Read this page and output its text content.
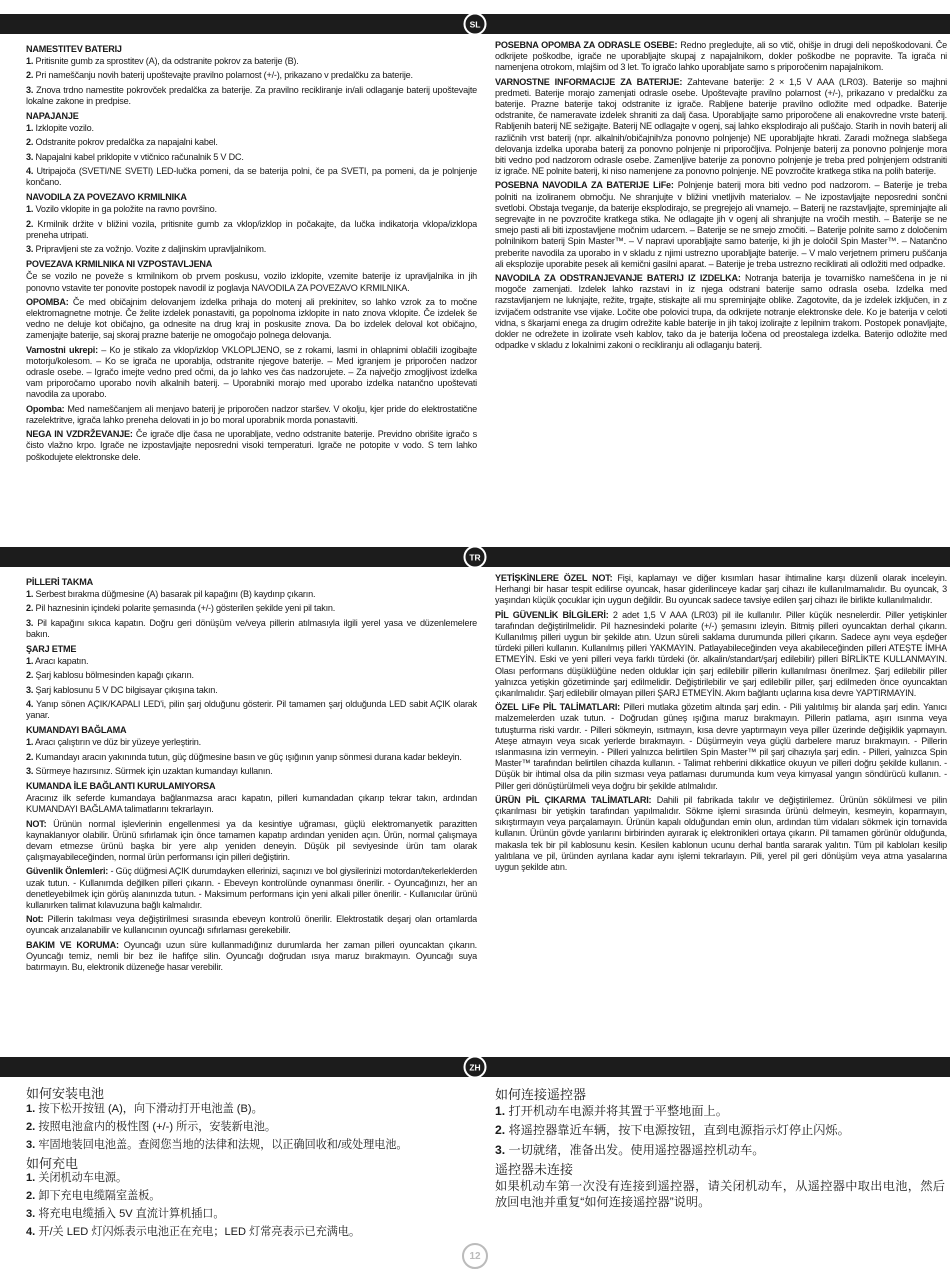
SL
NAMESTITEV BATERIJ

1. Pritisnite gumb za sprostitev (A), da odstranite pokrov za baterije (B).

2. Pri nameščanju novih baterij upoštevajte pravilno polarnost (+/-), prikazano v predalčku za baterije.

3. Znova trdno namestite pokrovček predalčka za baterije. Za pravilno recikliranje in/ali odlaganje baterij upoštevajte lokalne zakone in predpise.

NAPAJANJE

1. Izklopite vozilo.

2. Odstranite pokrov predalčka za napajalni kabel.

3. Napajalni kabel priklopite v vtičnico računalnik 5 V DC.

4. Utripajoča (SVETI/NE SVETI) LED-lučka pomeni, da se baterija polni, če pa SVETI, pa pomeni, da je polnjenje končano.

NAVODILA ZA POVEZAVO KRMILNIKA

1. Vozilo vklopite in ga položite na ravno površino.

2. Krmilnik držite v bližini vozila, pritisnite gumb za vklop/izklop in počakajte, da lučka indikatorja vklopa/izklopa preneha utripati.

3. Pripravljeni ste za vožnjo. Vozite z daljinskim upravljalnikom.

POVEZAVA KRMILNIKA NI VZPOSTAVLJENA

Če se vozilo ne poveže s krmilnikom ob prvem poskusu, vozilo izklopite, vzemite baterije iz upravljalnika in jih ponovno vstavite ter ponovite postopek navodil iz poglavja NAVODILA ZA POVEZAVO KRMILNIKA.

OPOMBA: Če med običajnim delovanjem izdelka prihaja do motenj ali prekinitev, so lahko vzrok za to močne elektromagnetne motnje. Če želite izdelek ponastaviti, ga popolnoma izklopite in nato znova vklopite. Če izdelek še vedno ne deluje kot običajno, ga odnesite na drug kraj in poskusite znova. Da bo izdelek deloval kot običajno, zamenjajte baterije, saj skoraj prazne baterije ne omogočajo polnega delovanja.

Varnostni ukrepi: – Ko je stikalo za vklop/izklop VKLOPLJENO, se z rokami, lasmi in ohlapnimi oblačili izogibajte motorju/kolesom. – Ko se igrača ne uporablja, odstranite njegove baterije. – Med igranjem je priporočen nadzor odrasle osebe. – Igračo imejte vedno pred očmi, da jo lahko ves čas nadzorujete. – Za največjo zmogljivost izdelka vam priporočamo uporabo novih alkalnih baterij. – Uporabniki morajo med uporabo izdelka natančno upoštevati navodila za uporabo.

Opomba: Med nameščanjem ali menjavo baterij je priporočen nadzor staršev. V okolju, kjer pride do elektrostatične razelektritve, igrača lahko preneha delovati in jo bo moral uporabnik morda ponastaviti.

NEGA IN VZDRŽEVANJE: Če igrače dlje časa ne uporabljate, vedno odstranite baterije. Previdno obrišite igračo s čisto vlažno krpo. Igrače ne izpostavljajte neposredni visoki temperaturi. Igrače ne potopite v vodo. S tem lahko poškodujete elektronske dele.

POSEBNA OPOMBA ZA ODRASLE OSEBE: Redno pregledujte, ali so vtič, ohišje in drugi deli nepoškodovani. Če odkrijete poškodbe, igrače ne uporabljajte skupaj z napajalnikom, dokler poškodbe ne popravite. Ta igrača ni namenjena otrokom, mlajšim od 3 let. To igračo lahko uporabljate samo s priporočenim napajalnikom.

VARNOSTNE INFORMACIJE ZA BATERIJE: Zahtevane baterije: 2 × 1,5 V AAA (LR03). Baterije so majhni predmeti. Baterije morajo zamenjati odrasle osebe. Upoštevajte pravilno polarnost (+/-), prikazano v predalčku za baterije. Prazne baterije takoj odstranite iz igrače. Rabljene baterije pravilno odložite med odpadke. Baterije odstranite, če nameravate izdelek shraniti za dalj časa. Uporabljajte samo priporočene ali enakovredne vrste baterij. Rabljenih baterij NE sežigajte. Baterij NE odlagajte v ogenj, saj lahko eksplodirajo ali puščajo. Starih in novih baterij ali različnih vrst baterij (npr. alkalnih/običajnih/za ponovno polnjenje) NE uporabljajte hkrati. Zaradi možnega slabšega delovanja izdelka uporaba baterij za ponovno polnjenje ni priporočljiva. Polnjenje baterij za ponovno polnjenje mora biti vedno pod nadzorom odrasle osebe. Zamenljive baterije za ponovno polnjenje je treba pred polnjenjem odstraniti iz igrače. NE polnite baterij, ki niso namenjene za ponovno polnjenje. NE povzročite kratkega stika na polih baterije.

POSEBNA NAVODILA ZA BATERIJE LiFe: Polnjenje baterij mora biti vedno pod nadzorom. – Baterije je treba polniti na izoliranem območju. Ne shranjujte v bližini vnetljivih materialov. – Ne izpostavljajte neposredni sončni svetlobi. Obstaja tveganje, da baterije eksplodirajo, se pregrejejo ali vnamejo. – Baterij ne razstavljajte, spreminjajte ali segrevajte in ne povzročite kratkega stika. Ne odlagajte jih v ogenj ali shranjujte na vročih mestih. – Baterije se ne smejo pasti ali biti izpostavljene močnim udarcem. – Baterije se ne smejo zmočiti. – Baterije polnite samo z določenim polnilnikom baterij Spin Master™. – V napravi uporabljajte samo baterije, ki jih je določil Spin Master™. – Natančno preberite navodila za uporabo in v skladu z njimi ustrezno uporabljajte baterije. – V malo verjetnem primeru puščanja ali eksplozije uporabite pesek ali kemični gasilni aparat. – Baterije je treba ustrezno reciklirati ali odložiti med odpadke.

NAVODILA ZA ODSTRANJEVANJE BATERIJ IZ IZDELKA: Notranja baterija je tovarniško nameščena in je ni mogoče zamenjati. Izdelek lahko razstavi in iz njega odstrani baterije samo odrasla oseba. Izdelka med razstavljanjem ne luknjajte, režite, trgajte, stiskajte ali mu spreminjajte oblike. Zagotovite, da je izdelek izključen, in z izvijačem odstranite vse vijake. Ločite obe polovici trupa, da odkrijete notranje elektronske dele. Ko je baterija v celoti vidna, s škarjami enega za drugim odrežite kable baterije in jih takoj izolirajte z lepilnim trakom. Postopek ponavljajte, dokler ne odrežete in izolirate vseh kablov, tako da je baterija ločena od preostalega izdelka. Baterijo odložite med odpadke v skladu z lokalnimi zakoni o recikliranju ali odlaganju baterij.

TR
PİLLERİ TAKMA

1. Serbest bırakma düğmesine (A) basarak pil kapağını (B) kaydırıp çıkarın.

2. Pil haznesinin içindeki polarite şemasında (+/-) gösterilen şekilde yeni pil takın.

3. Pil kapağını sıkıca kapatın. Doğru geri dönüşüm ve/veya pillerin atılmasıyla ilgili yerel yasa ve düzenlemelere bakın.

ŞARJ ETME

1. Aracı kapatın.

2. Şarj kablosu bölmesinden kapağı çıkarın.

3. Şarj kablosunu 5 V DC bilgisayar çıkışına takın.

4. Yanıp sönen AÇIK/KAPALI LED'i, pilin şarj olduğunu gösterir. Pil tamamen şarj olduğunda LED sabit AÇIK olarak yanar.

KUMANDAYI BAĞLAMA

1. Aracı çalıştırın ve düz bir yüzeye yerleştirin.

2. Kumandayı aracın yakınında tutun, güç düğmesine basın ve güç ışığının yanıp sönmesi durana kadar bekleyin.

3. Sürmeye hazırsınız. Sürmek için uzaktan kumandayı kullanın.

KUMANDA İLE BAĞLANTI KURULAMIYORSA

Aracınız ilk seferde kumandaya bağlanmazsa aracı kapatın, pilleri kumandadan çıkarıp tekrar takın, ardından KUMANDAYI BAĞLAMA talimatlarını tekrarlayın.

NOT: Ürünün normal işlevlerinin engellenmesi ya da kesintiye uğraması, güçlü elektromanyetik parazitten kaynaklanıyor olabilir. Ürünü sıfırlamak için önce tamamen kapatıp ardından yeniden açın. Ürün, normal çalışmaya devam etmezse ürünü başka bir yere alıp yeniden deneyin. Düşük pil seviyesinde ürün tam olarak çalışmayabileceğinden, normal ürün performansı için pilleri değiştirin.

Güvenlik Önlemleri: - Güç düğmesi AÇIK durumdayken ellerinizi, saçınızı ve bol giysilerinizi motordan/tekerleklerden uzak tutun. - Kullanımda değilken pilleri çıkarın. - Ebeveyn kontrolünde oynanması önerilir. - Oyuncağınızı, her an denetleyebilmek için görüş alanınızda tutun. - Maksimum performans için yeni alkali piller önerilir. - Kullanıcılar ürünü kullanırken talimat kılavuzuna bağlı kalmalıdır.

Not: Pillerin takılması veya değiştirilmesi sırasında ebeveyn kontrolü önerilir. Elektrostatik deşarj olan ortamlarda oyuncak arızalanabilir ve kullanıcının oyuncağı sıfırlaması gerekebilir.

BAKIM VE KORUMA: Oyuncağı uzun süre kullanmadığınız durumlarda her zaman pilleri oyuncaktan çıkarın. Oyuncağı temiz, nemli bir bez ile hafifçe silin. Oyuncağı doğrudan ısıya maruz bırakmayın. Oyuncağı suya batırmayın. Bu, elektronik düzeneğe hasar verebilir.

YETİŞKİNLERE ÖZEL NOT: Fişi, kaplamayı ve diğer kısımları hasar ihtimaline karşı düzenli olarak inceleyin. Herhangi bir hasar tespit edilirse oyuncak, hasar giderilinceye kadar şarj cihazı ile kullanılmamalıdır. Bu oyuncak, 3 yaşından küçük çocuklar için uygun değildir. Bu oyuncak sadece tavsiye edilen şarj cihazı ile birlikte kullanılmalıdır.

PİL GÜVENLİK BİLGİLERİ: 2 adet 1,5 V AAA (LR03) pil ile kullanılır. Piller küçük nesnelerdir. Piller yetişkinler tarafından değiştirilmelidir. Pil haznesindeki polarite (+/-) şemasını izleyin. Bitmiş pilleri oyuncaktan derhal çıkarın. Kullanılmış pilleri uygun bir şekilde atın. Uzun süreli saklama durumunda pilleri çıkarın. Sadece aynı veya eşdeğer türdeki pilleri kullanın. Kullanılmış pilleri YAKMAYIN. Patlayabileceğinden veya akabileceğinden pilleri ATEŞTE İMHA ETMEYİN. Eski ve yeni pilleri veya farklı türdeki (ör. alkalin/standart/şarj edilebilir) pilleri BİRLİKTE KULLANMAYIN. Olası performans düşüklüğüne neden olduklar için şarj edilebilir pillerin kullanılması önerilmez. Şarj edilebilir piller yalnızca yetişkin gözetiminde şarj edilmelidir. Değiştirilebilir ve şarj edilebilir piller, şarj edilmeden önce oyuncaktan çıkarılmalıdır. Şarj edilebilir olmayan pilleri ŞARJ ETMEYİN. Akım bağlantı uçlarına kısa devre YAPTIRMAYIN.

ÖZEL LiFe PİL TALİMATLARI: Pilleri mutlaka gözetim altında şarj edin. - Pili yalıtılmış bir alanda şarj edin. Yanıcı malzemelerden uzak tutun. - Doğrudan güneş ışığına maruz bırakmayın. Pillerin patlama, aşırı ısınma veya tutuşturma riski vardır. - Pilleri sökmeyin, ısıtmayın, kısa devre yaptırmayın veya piller üzerinde değişiklik yapmayın. Ateşe atmayın veya sıcak yerlerde bırakmayın. - Düşürmeyin veya güçlü darbelere maruz bırakmayın. - Pillerin ıslanmasına izin vermeyin. - Pilleri yalnızca belirtilen Spin Master™ pil şarj cihazıyla şarj edin. - Pilleri, yalnızca Spin Master™ tarafından belirtilen cihazda kullanın. - Talimat rehberini dikkatlice okuyun ve pilleri doğru şekilde kullanın. - Düşük bir ihtimal olsa da pilin sızması veya patlaması durumunda kum veya kimyasal yangın söndürücü kullanın. - Piller geri dönüştürülmeli veya doğru bir şekilde atılmalıdır.

ÜRÜN PİL ÇIKARMA TALİMATLARI: Dahili pil fabrikada takılır ve değiştirilemez. Ürünün sökülmesi ve pilin çıkarılması bir yetişkin tarafından yapılmalıdır. Sökme işlemi sırasında ürünü delmeyin, kesmeyin, koparmayın, sıkıştırmayın veya parçalamayın. Ürünün kapalı olduğundan emin olun, ardından tüm vidaları sökmek için tornavida kullanın. Ürünün gövde yarılarını birbirinden ayırarak iç elektronikleri ortaya çıkarın. Pil tamamen görünür olduğunda, makasla tek bir pil kablosunu kesin. Kesilen kablonun ucunu derhal bantla sararak yalıtın. Tüm pil kabloları kesilip yalıtılana ve pil, üründen ayrılana kadar aynı işlemi tekrarlayın. Pili, yerel pil geri dönüşüm veya atma yasalarına uygun şekilde atın.

ZH
如何安装电池

1. 按下松开按钮 (A)，向下滑动打开电池盖 (B)。

2. 按照电池盒内的极性图 (+/-) 所示，安装新电池。

3. 牢固地装回电池盖。查阅您当地的法律和法规，以正确回收和/或处理电池。

如何充电

1. 关闭机动车电源。

2. 卸下充电电缆隔室盖板。

3. 将充电电缆插入 5V 直流计算机插口。

4. 开/关 LED 灯闪烁表示电池正在充电；LED 灯常亮表示已充满电。

如何连接遥控器

1. 打开机动车电源并将其置于平整地面上。

2. 将遥控器靠近车辆，按下电源按钮，直到电源指示灯停止闪烁。

3. 一切就绪，准备出发。使用遥控器遥控机动车。

遥控器未连接

如果机动车第一次没有连接到遥控器，请关闭机动车，从遥控器中取出电池，然后放回电池并重复“如何连接遥控器”说明。

12
